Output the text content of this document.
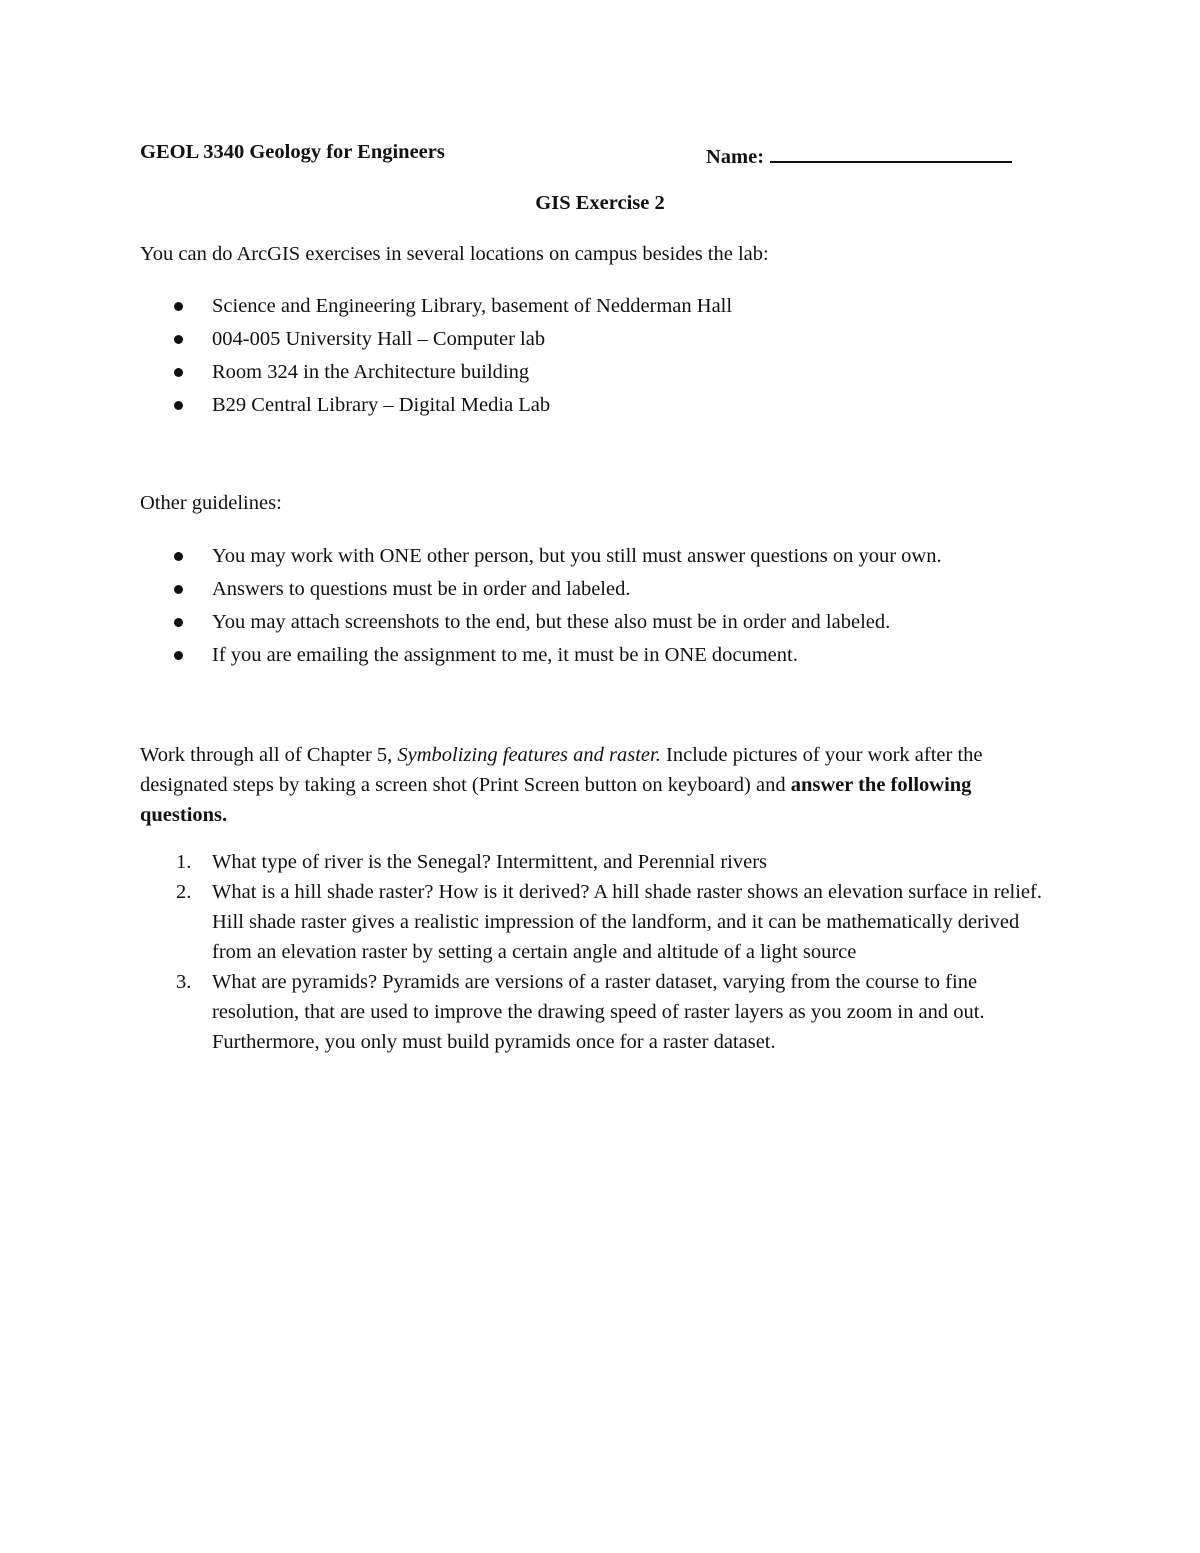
GEOL 3340 Geology for Engineers	Name:
GIS Exercise 2
You can do ArcGIS exercises in several locations on campus besides the lab:
Science and Engineering Library, basement of Nedderman Hall
004-005 University Hall – Computer lab
Room 324 in the Architecture building
B29 Central Library – Digital Media Lab
Other guidelines:
You may work with ONE other person, but you still must answer questions on your own.
Answers to questions must be in order and labeled.
You may attach screenshots to the end, but these also must be in order and labeled.
If you are emailing the assignment to me, it must be in ONE document.
Work through all of Chapter 5, Symbolizing features and raster. Include pictures of your work after the designated steps by taking a screen shot (Print Screen button on keyboard) and answer the following questions.
1. What type of river is the Senegal? Intermittent, and Perennial rivers
2. What is a hill shade raster? How is it derived? A hill shade raster shows an elevation surface in relief. Hill shade raster gives a realistic impression of the landform, and it can be mathematically derived from an elevation raster by setting a certain angle and altitude of a light source
3. What are pyramids? Pyramids are versions of a raster dataset, varying from the course to fine resolution, that are used to improve the drawing speed of raster layers as you zoom in and out. Furthermore, you only must build pyramids once for a raster dataset.
